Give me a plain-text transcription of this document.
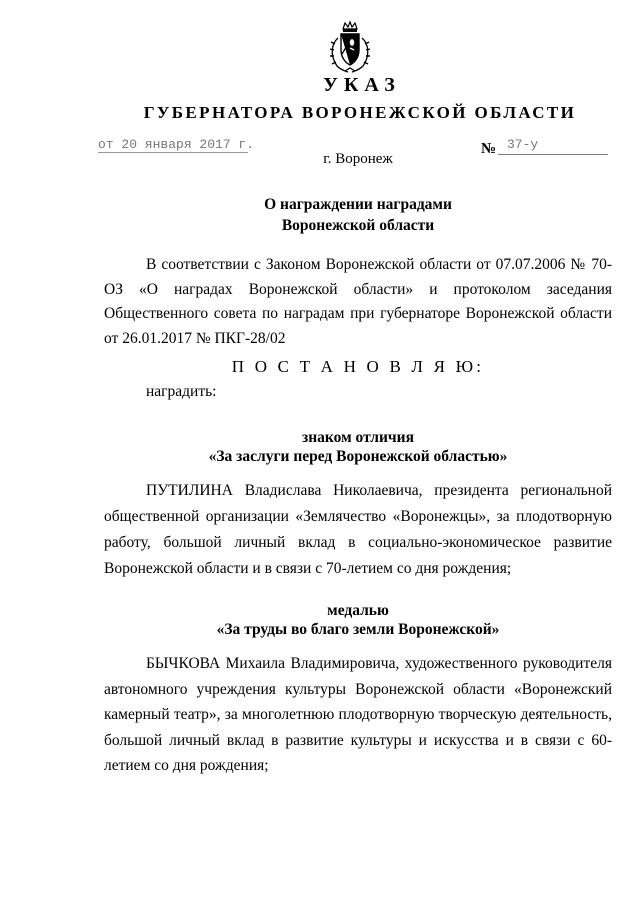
УКАЗ
ГУБЕРНАТОРА ВОРОНЕЖСКОЙ ОБЛАСТИ
от 20 января 2017 г.	№ 37-у
г. Воронеж
О награждении наградами
Воронежской области
В соответствии с Законом Воронежской области от 07.07.2006 № 70-ОЗ «О наградах Воронежской области» и протоколом заседания Общественного совета по наградам при губернаторе Воронежской области от 26.01.2017 № ПКГ-28/02
П О С Т А Н О В Л Я Ю:
наградить:
знаком отличия
«За заслуги перед Воронежской областью»
ПУТИЛИНА Владислава Николаевича, президента региональной общественной организации «Землячество «Воронежцы», за плодотворную работу, большой личный вклад в социально-экономическое развитие Воронежской области и в связи с 70-летием со дня рождения;
медалью
«За труды во благо земли Воронежской»
БЫЧКОВА Михаила Владимировича, художественного руководителя автономного учреждения культуры Воронежской области «Воронежский камерный театр», за многолетнюю плодотворную творческую деятельность, большой личный вклад в развитие культуры и искусства и в связи с 60-летием со дня рождения;
